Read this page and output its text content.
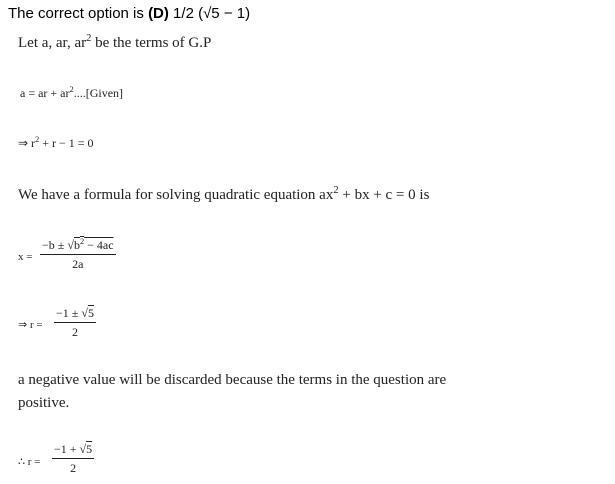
The correct option is (D) 1/2 (√5 − 1)
Let a, ar, $ar^2$ be the terms of G.P
a = ar + $ar^2....[Given]$
⇒ $r^2 + r - 1 = 0$
We have a formula for solving quadratic equation $ax^2$ + bx + c = 0 is
x =
$-b \pm √b^2 - 4ac$
2a
⇒ r =
−1 ± √5
2
a negative value will be discarded because the terms in the question are
positive.
∴ r =
−1 + √5
2
